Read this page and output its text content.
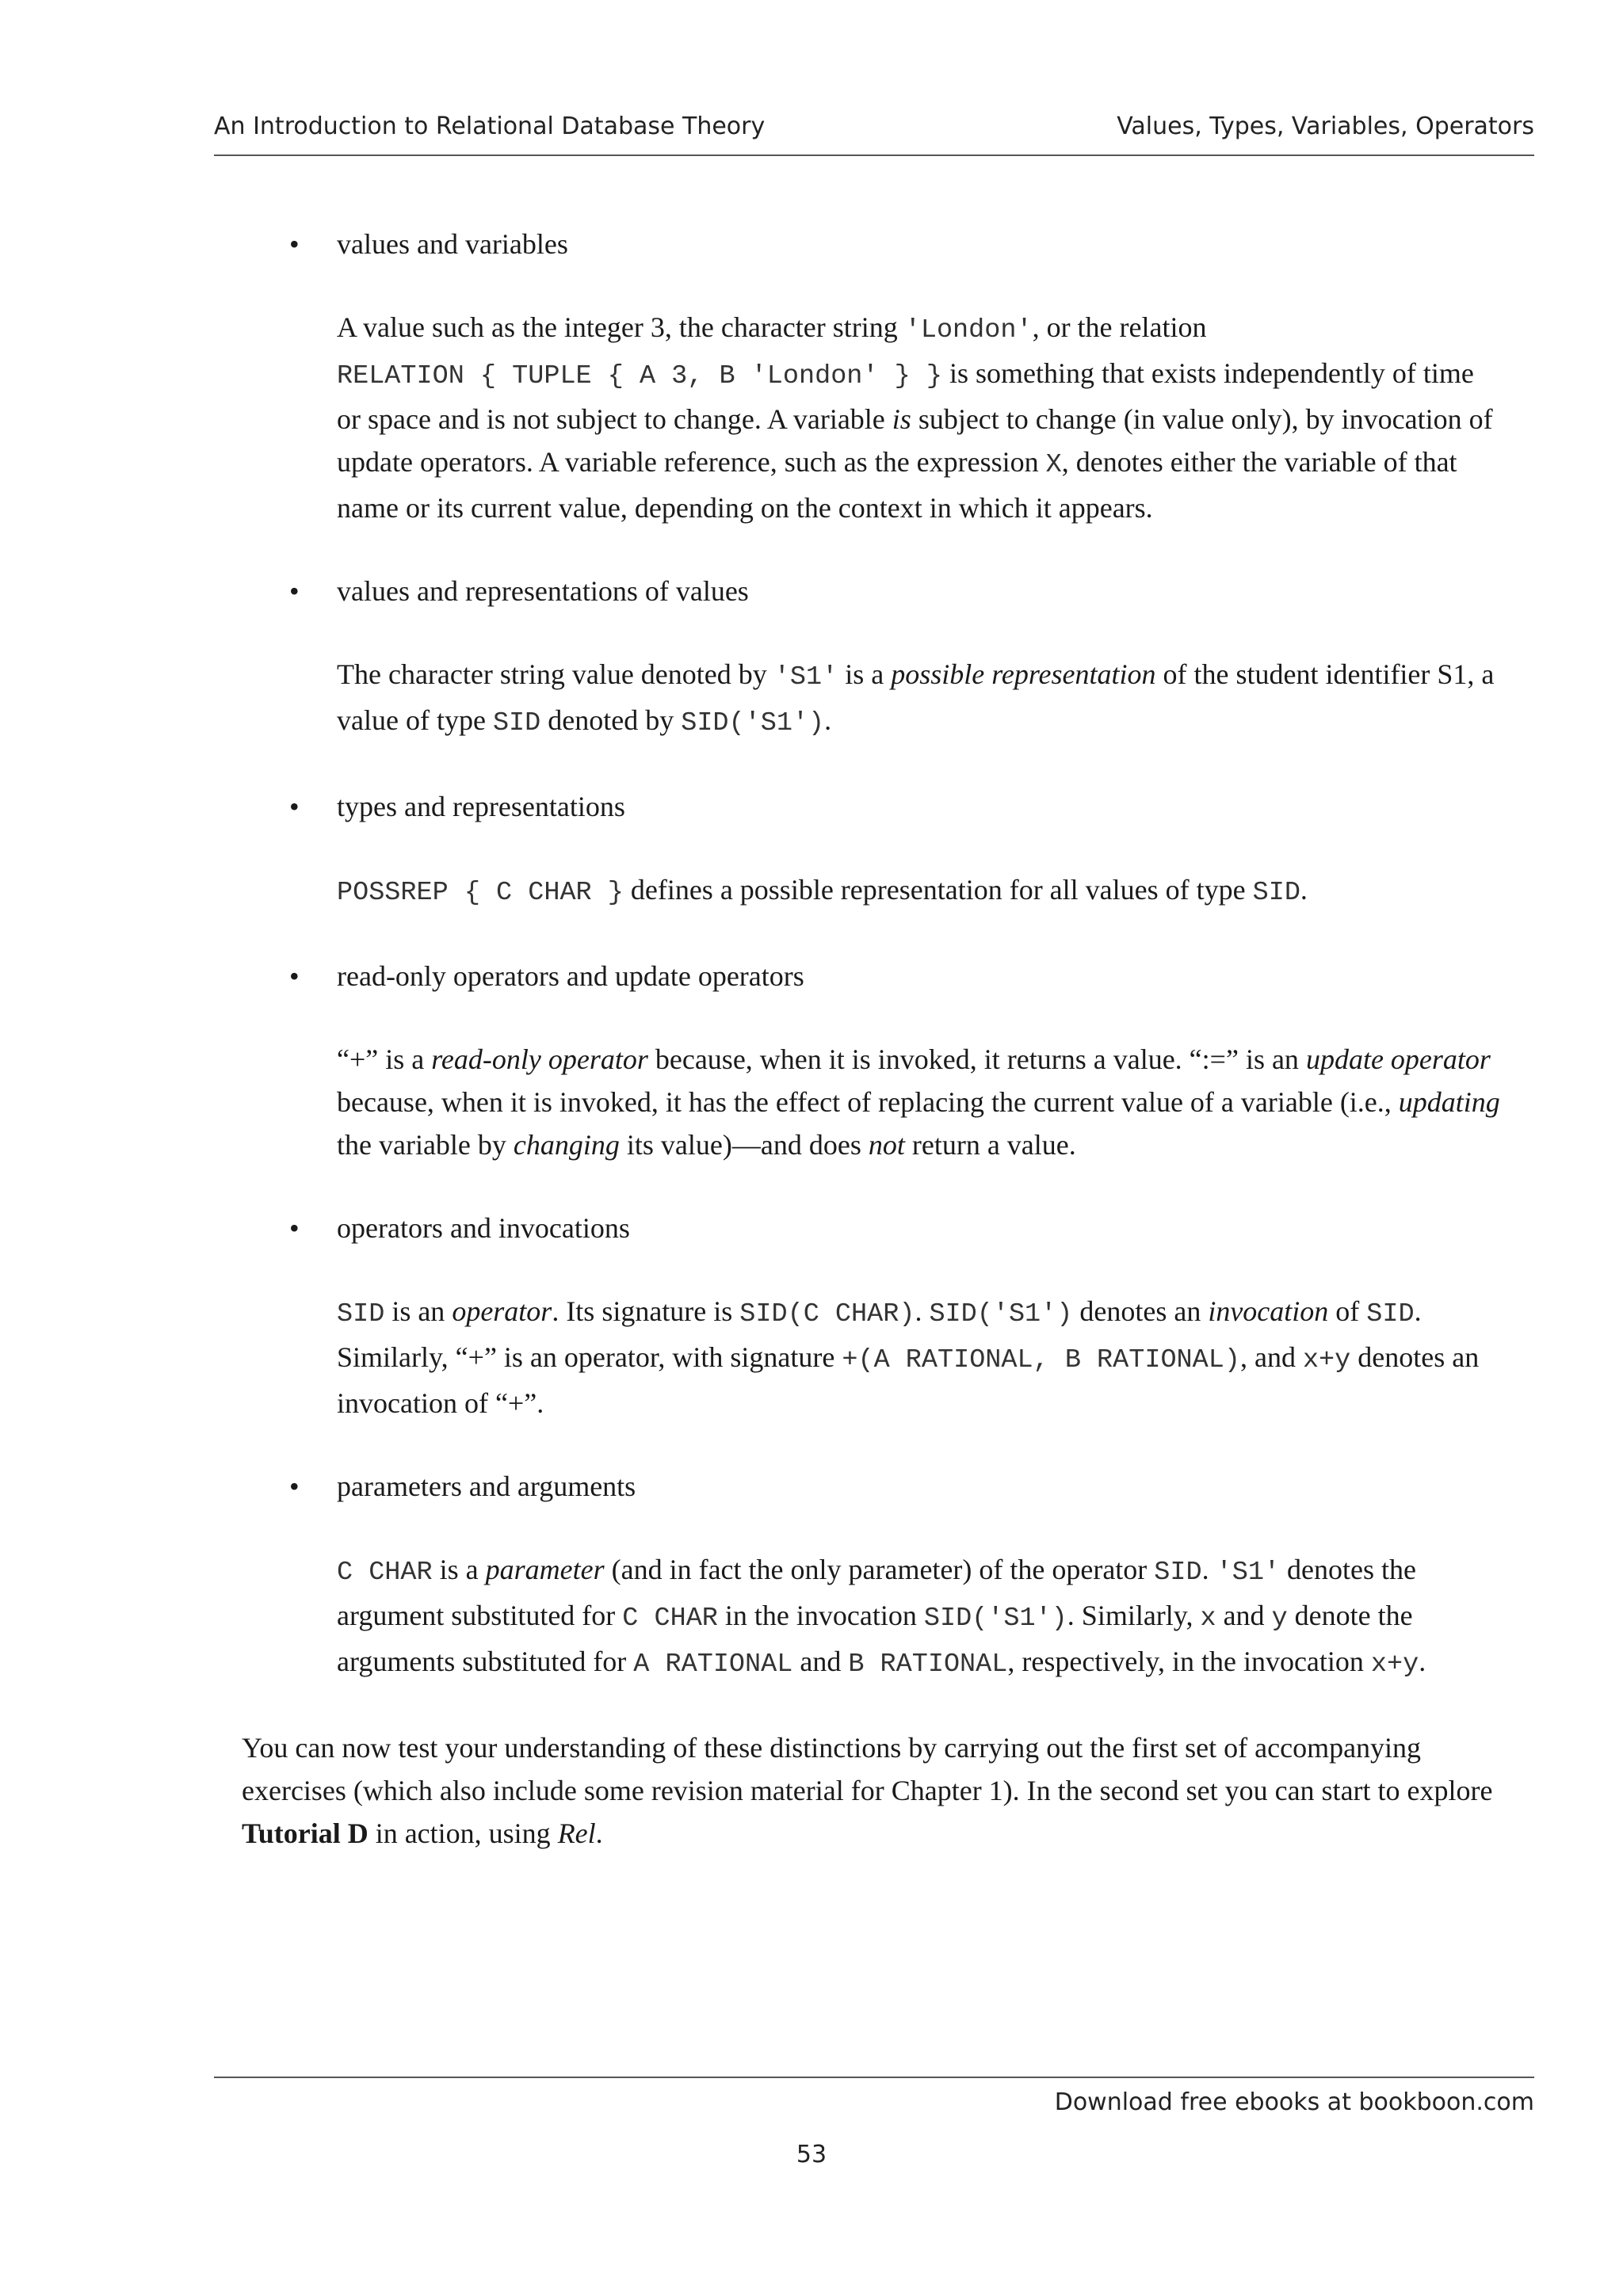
An Introduction to Relational Database Theory	Values, Types, Variables, Operators
• values and variables

A value such as the integer 3, the character string 'London', or the relation
RELATION { TUPLE { A 3, B 'London' } } is something that exists independently of time or space and is not subject to change. A variable is subject to change (in value only), by invocation of update operators. A variable reference, such as the expression X, denotes either the variable of that name or its current value, depending on the context in which it appears.

• values and representations of values

The character string value denoted by 'S1' is a possible representation of the student identifier S1, a value of type SID denoted by SID('S1').

• types and representations

POSSREP { C CHAR } defines a possible representation for all values of type SID.

• read-only operators and update operators

“+” is a read-only operator because, when it is invoked, it returns a value. “:=” is an update operator because, when it is invoked, it has the effect of replacing the current value of a variable (i.e., updating the variable by changing its value)—and does not return a value.

• operators and invocations

SID is an operator. Its signature is SID(C CHAR). SID('S1') denotes an invocation of SID. Similarly, “+” is an operator, with signature +(A RATIONAL, B RATIONAL), and x+y denotes an invocation of “+”.

• parameters and arguments

C CHAR is a parameter (and in fact the only parameter) of the operator SID. 'S1' denotes the argument substituted for C CHAR in the invocation SID('S1'). Similarly, x and y denote the arguments substituted for A RATIONAL and B RATIONAL, respectively, in the invocation x+y.

You can now test your understanding of these distinctions by carrying out the first set of accompanying exercises (which also include some revision material for Chapter 1). In the second set you can start to explore Tutorial D in action, using Rel.

Download free ebooks at bookboon.com
53
